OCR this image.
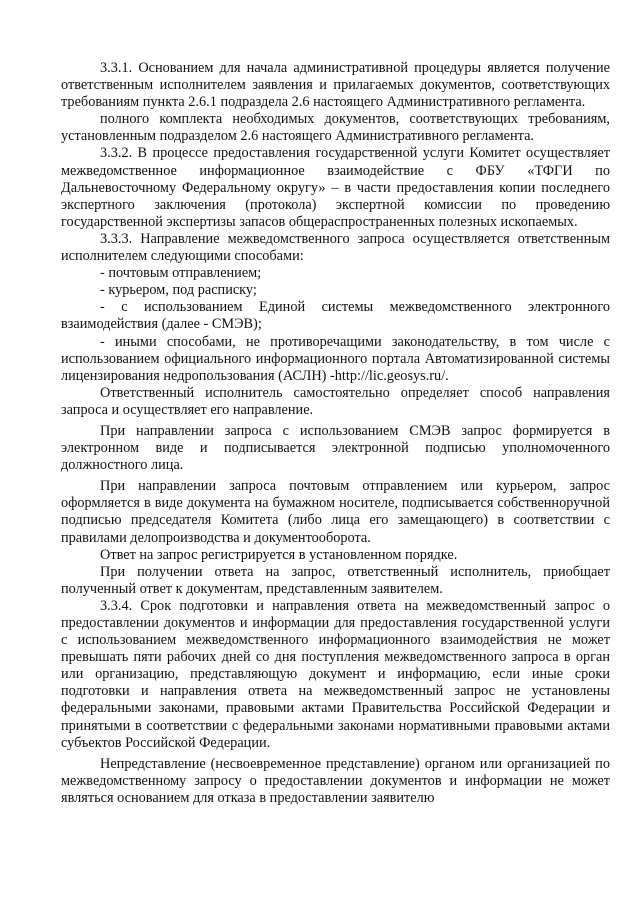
3.3.1. Основанием для начала административной процедуры является получение ответственным исполнителем заявления и прилагаемых документов, соответствующих требованиям пункта 2.6.1 подраздела 2.6 настоящего Административного регламента.

полного комплекта необходимых документов, соответствующих требованиям, установленным подразделом 2.6 настоящего Административного регламента.

3.3.2. В процессе предоставления государственной услуги Комитет осуществляет межведомственное информационное взаимодействие с ФБУ «ТФГИ по Дальневосточному Федеральному округу» – в части предоставления копии последнего экспертного заключения (протокола) экспертной комиссии по проведению государственной экспертизы запасов общераспространенных полезных ископаемых.

3.3.3. Направление межведомственного запроса осуществляется ответственным исполнителем следующими способами:

- почтовым отправлением;

- курьером, под расписку;

- с использованием Единой системы межведомственного электронного взаимодействия (далее - СМЭВ);

- иными способами, не противоречащими законодательству, в том числе с использованием официального информационного портала Автоматизированной системы лицензирования недропользования (АСЛН) -http://lic.geosys.ru/.

Ответственный исполнитель самостоятельно определяет способ направления запроса и осуществляет его направление.

При направлении запроса с использованием СМЭВ запрос формируется в электронном виде и подписывается электронной подписью уполномоченного должностного лица.

При направлении запроса почтовым отправлением или курьером, запрос оформляется в виде документа на бумажном носителе, подписывается собственноручной подписью председателя Комитета (либо лица его замещающего) в соответствии с правилами делопроизводства и документооборота.

Ответ на запрос регистрируется в установленном порядке.

При получении ответа на запрос, ответственный исполнитель, приобщает полученный ответ к документам, представленным заявителем.

3.3.4. Срок подготовки и направления ответа на межведомственный запрос о предоставлении документов и информации для предоставления государственной услуги с использованием межведомственного информационного взаимодействия не может превышать пяти рабочих дней со дня поступления межведомственного запроса в орган или организацию, представляющую документ и информацию, если иные сроки подготовки и направления ответа на межведомственный запрос не установлены федеральными законами, правовыми актами Правительства Российской Федерации и принятыми в соответствии с федеральными законами нормативными правовыми актами субъектов Российской Федерации.

Непредставление (несвоевременное представление) органом или организацией по межведомственному запросу о предоставлении документов и информации не может являться основанием для отказа в предоставлении заявителю
